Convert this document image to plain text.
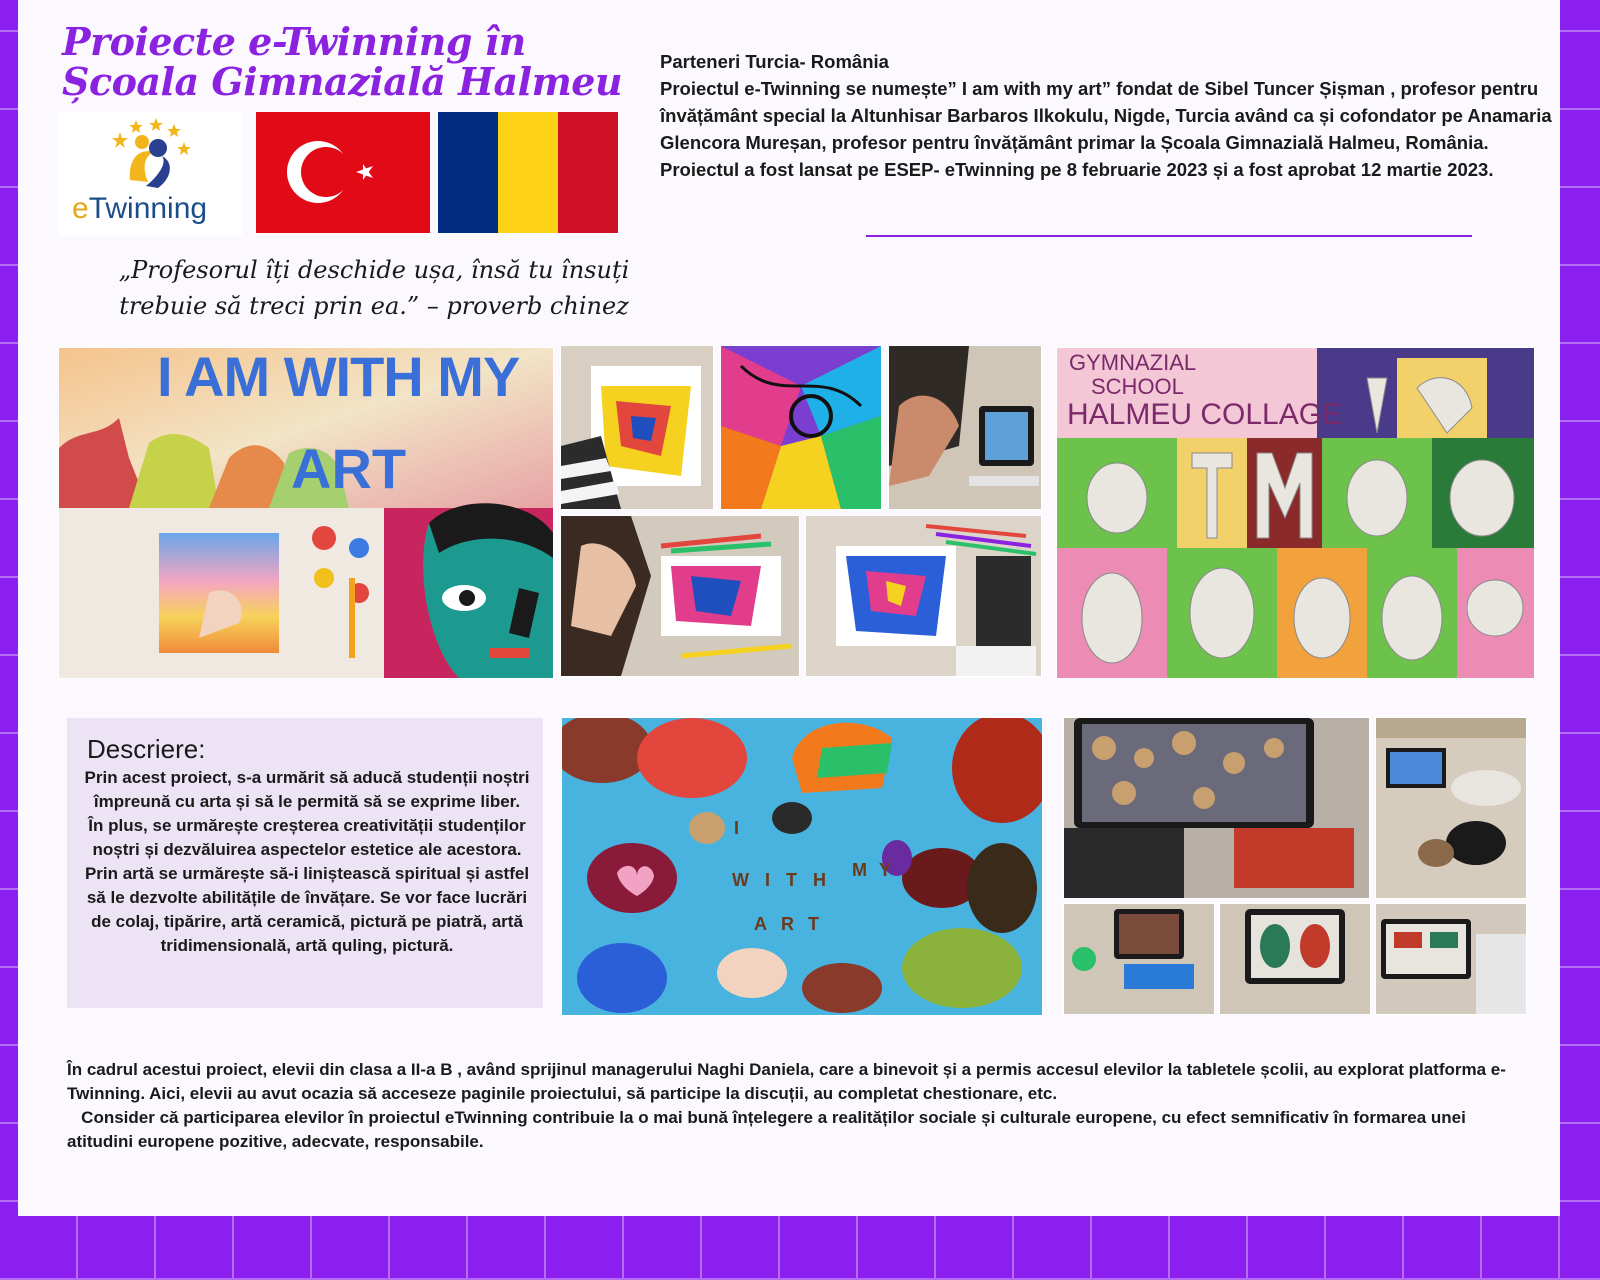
Proiecte e-Twinning în Școala Gimnazială Halmeu
eTwinning
„Profesorul îți deschide ușa, însă tu însuți trebuie să treci prin ea.” – proverb chinez

Parteneri Turcia- România

Proiectul e-Twinning se numește” I am with my art” fondat de Sibel Tuncer Șișman , profesor pentru învățământ special la Altunhisar Barbaros Ilkokulu, Nigde, Turcia având ca și cofondator pe Anamaria Glencora Mureșan, profesor pentru învățământ primar la Școala Gimnazială Halmeu, România.

Proiectul a fost lansat pe ESEP- eTwinning pe 8 februarie 2023 și a fost aprobat 12 martie 2023.

I AM WITH MY
ART
GYMNAZIAL
SCHOOL
HALMEU COLLAGE
Descriere:
Prin acest proiect, s-a urmărit să aducă studenții noștri împreună cu arta și să le permită să se exprime liber.
În plus, se urmărește creșterea creativității studenților noștri și dezvăluirea aspectelor estetice ale acestora. Prin artă se urmărește să-i liniștească spiritual și astfel să le dezvolte abilitățile de învățare. Se vor face lucrări de colaj, tipărire, artă ceramică, pictură pe piatră, artă tridimensională, artă quling, pictură.
I
WITH MY
ART

În cadrul acestui proiect, elevii din clasa a II-a B , având sprijinul managerului Naghi Daniela, care a binevoit și a permis accesul elevilor la tabletele școlii, au explorat platforma e-Twinning. Aici, elevii au avut ocazia să acceseze paginile proiectului, să participe la discuții, au completat chestionare, etc.

Consider că participarea elevilor în proiectul eTwinning contribuie la o mai bună înțelegere a realităților sociale și culturale europene, cu efect semnificativ în formarea unei atitudini europene pozitive, adecvate, responsabile.
